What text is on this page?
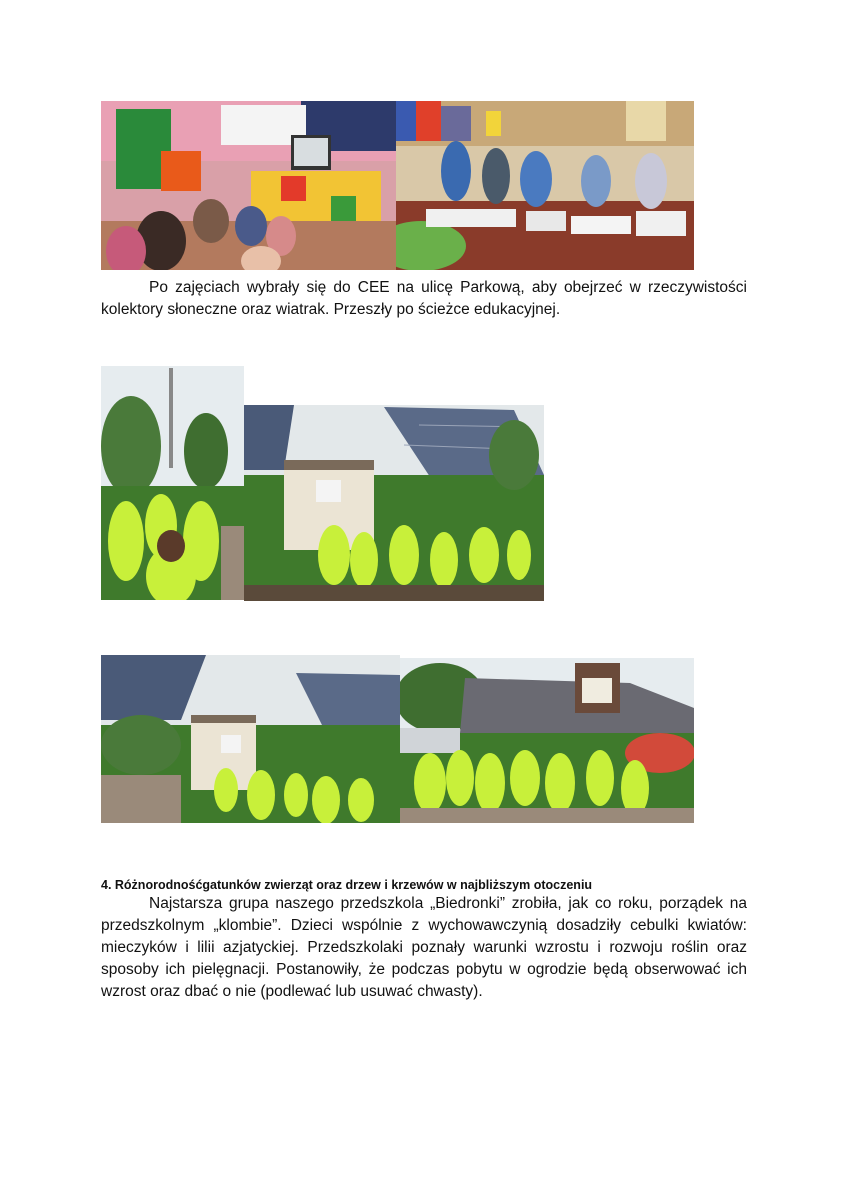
Po zajęciach wybrały się do CEE na ulicę Parkową, aby obejrzeć w rzeczywistości kolektory słoneczne oraz wiatrak. Przeszły po ścieżce edukacyjnej.

4. Różnorodnośćgatunków zwierząt oraz drzew i krzewów w najbliższym otoczeniu

Najstarsza grupa naszego przedszkola „Biedronki” zrobiła, jak co roku, porządek na przedszkolnym „klombie”. Dzieci wspólnie z wychowawczynią dosadziły cebulki kwiatów: mieczyków i lilii azjatyckiej. Przedszkolaki poznały warunki wzrostu i rozwoju roślin oraz sposoby ich pielęgnacji. Postanowiły, że podczas pobytu w ogrodzie będą obserwować ich wzrost oraz dbać o nie (podlewać lub usuwać chwasty).
